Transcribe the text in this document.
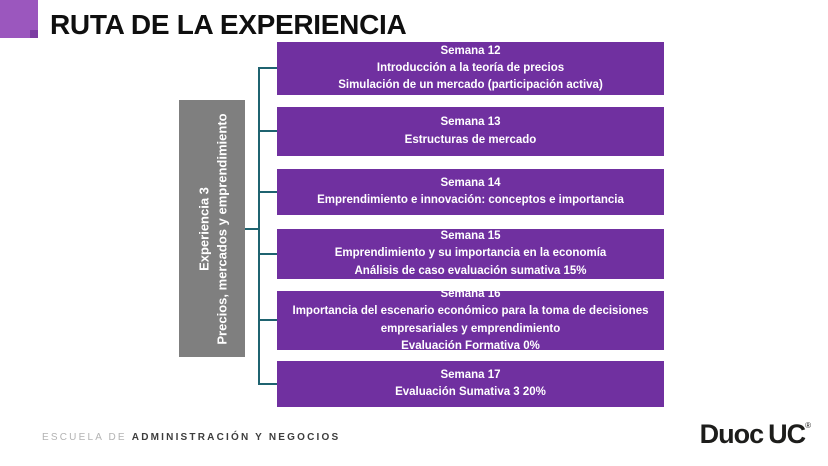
RUTA DE LA EXPERIENCIA
Experiencia 3 Precios, mercados y emprendimiento
Semana 12
Introducción a la teoría de precios
Simulación de un mercado (participación activa)
Semana 13
Estructuras de mercado
Semana 14
Emprendimiento e innovación: conceptos e importancia
Semana 15
Emprendimiento y su importancia en la economía
Análisis de caso evaluación sumativa 15%
Semana 16
Importancia del escenario económico para la toma de decisiones empresariales y emprendimiento
Evaluación Formativa 0%
Semana 17
Evaluación Sumativa 3 20%
ESCUELA DE ADMINISTRACIÓN Y NEGOCIOS	Duoc UC®
